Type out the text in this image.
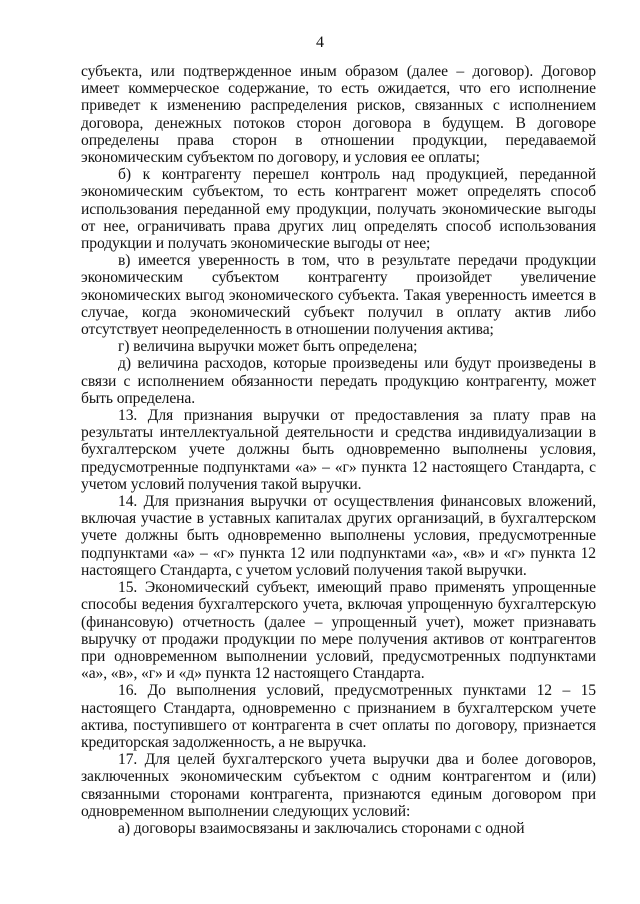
4

субъекта, или подтвержденное иным образом (далее – договор). Договор имеет коммерческое содержание, то есть ожидается, что его исполнение приведет к изменению распределения рисков, связанных с исполнением договора, денежных потоков сторон договора в будущем. В договоре определены права сторон в отношении продукции, передаваемой экономическим субъектом по договору, и условия ее оплаты;

б) к контрагенту перешел контроль над продукцией, переданной экономическим субъектом, то есть контрагент может определять способ использования переданной ему продукции, получать экономические выгоды от нее, ограничивать права других лиц определять способ использования продукции и получать экономические выгоды от нее;

в) имеется уверенность в том, что в результате передачи продукции экономическим субъектом контрагенту произойдет увеличение экономических выгод экономического субъекта. Такая уверенность имеется в случае, когда экономический субъект получил в оплату актив либо отсутствует неопределенность в отношении получения актива;

г) величина выручки может быть определена;

д) величина расходов, которые произведены или будут произведены в связи с исполнением обязанности передать продукцию контрагенту, может быть определена.

13. Для признания выручки от предоставления за плату прав на результаты интеллектуальной деятельности и средства индивидуализации в бухгалтерском учете должны быть одновременно выполнены условия, предусмотренные подпунктами «а» – «г» пункта 12 настоящего Стандарта, с учетом условий получения такой выручки.

14. Для признания выручки от осуществления финансовых вложений, включая участие в уставных капиталах других организаций, в бухгалтерском учете должны быть одновременно выполнены условия, предусмотренные подпунктами «а» – «г» пункта 12 или подпунктами «а», «в» и «г» пункта 12 настоящего Стандарта, с учетом условий получения такой выручки.

15. Экономический субъект, имеющий право применять упрощенные способы ведения бухгалтерского учета, включая упрощенную бухгалтерскую (финансовую) отчетность (далее – упрощенный учет), может признавать выручку от продажи продукции по мере получения активов от контрагентов при одновременном выполнении условий, предусмотренных подпунктами «а», «в», «г» и «д» пункта 12 настоящего Стандарта.

16. До выполнения условий, предусмотренных пунктами 12 – 15 настоящего Стандарта, одновременно с признанием в бухгалтерском учете актива, поступившего от контрагента в счет оплаты по договору, признается кредиторская задолженность, а не выручка.

17. Для целей бухгалтерского учета выручки два и более договоров, заключенных экономическим субъектом с одним контрагентом и (или) связанными сторонами контрагента, признаются единым договором при одновременном выполнении следующих условий:

а) договоры взаимосвязаны и заключались сторонами с одной
